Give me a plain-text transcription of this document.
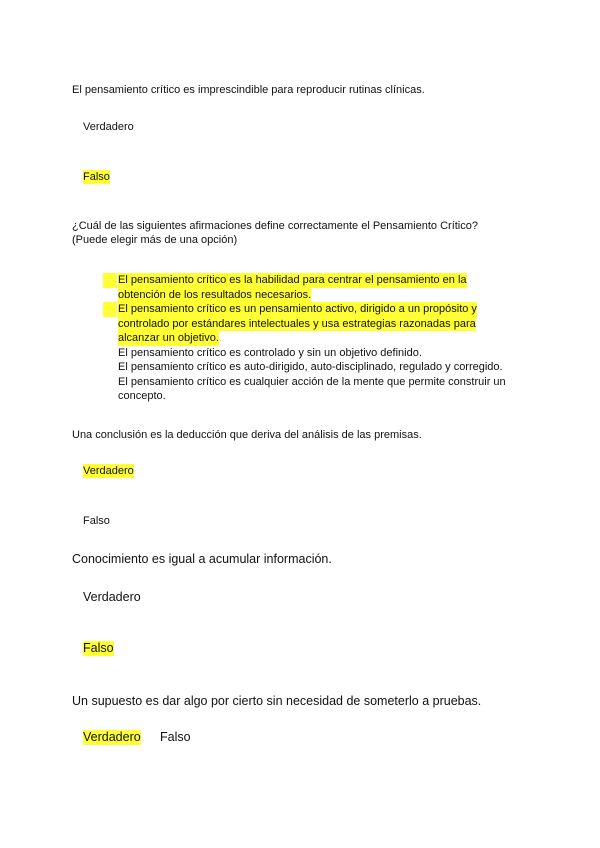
El pensamiento crítico es imprescindible para reproducir rutinas clínicas.
Verdadero
Falso
¿Cuál de las siguientes afirmaciones define correctamente el Pensamiento Crítico?
(Puede elegir más de una opción)
El pensamiento crítico es la habilidad para centrar el pensamiento en la
obtención de los resultados necesarios.
El pensamiento crítico es un pensamiento activo, dirigido a un propósito y
controlado por estándares intelectuales y usa estrategias razonadas para
alcanzar un objetivo.
El pensamiento crítico es controlado y sin un objetivo definido.
El pensamiento crítico es auto-dirigido, auto-disciplinado, regulado y corregido.
El pensamiento crítico es cualquier acción de la mente que permite construir un
concepto.
Una conclusión es la deducción que deriva del análisis de las premisas.
Verdadero
Falso
Conocimiento es igual a acumular información.
Verdadero
Falso
Un supuesto es dar algo por cierto sin necesidad de someterlo a pruebas.
Verdadero Falso
